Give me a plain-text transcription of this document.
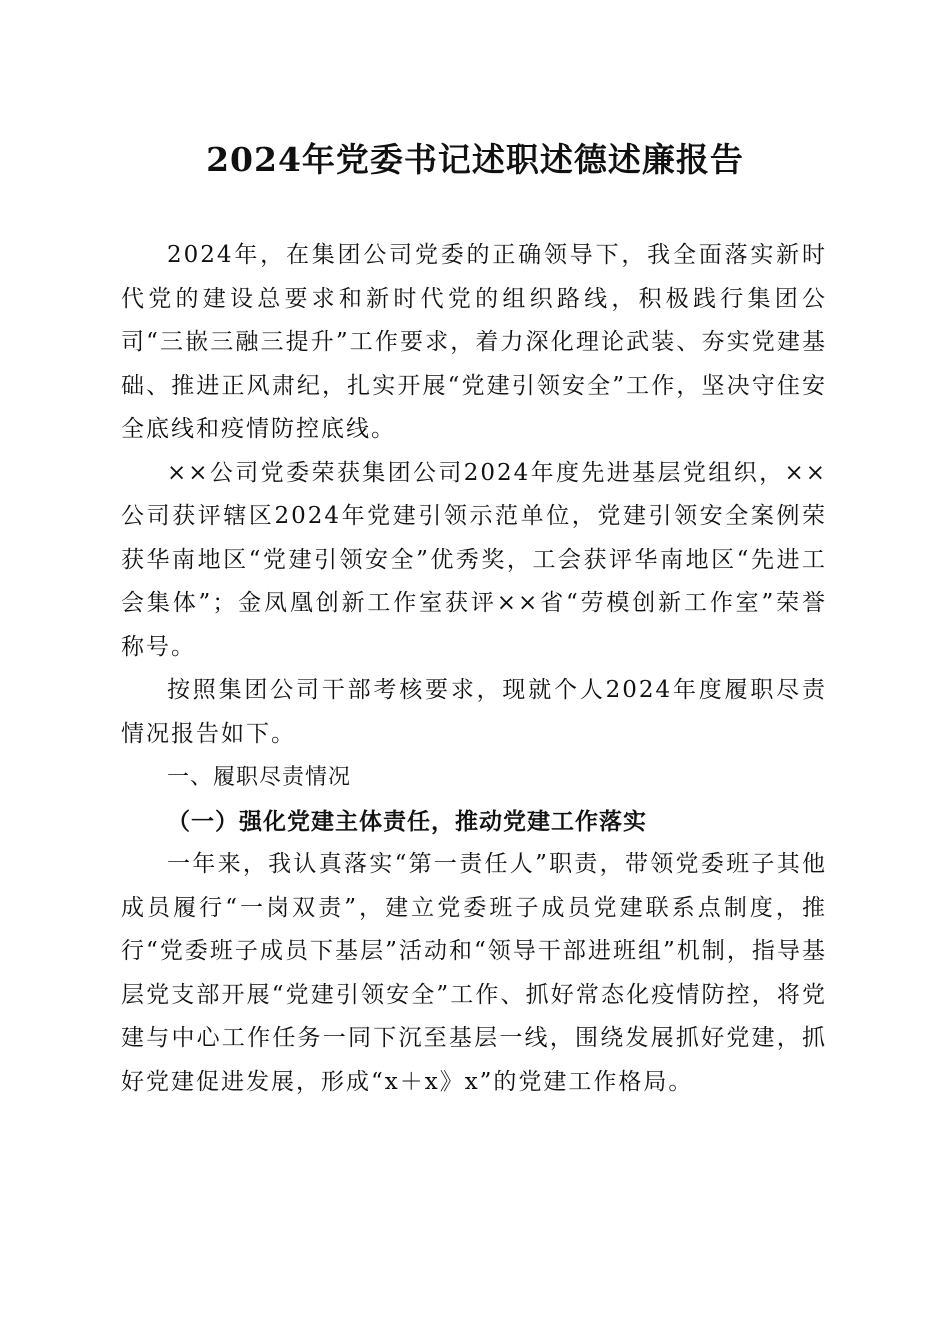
2024年党委书记述职述德述廉报告

2024年，在集团公司党委的正确领导下，我全面落实新时代党的建设总要求和新时代党的组织路线，积极践行集团公司“三嵌三融三提升”工作要求，着力深化理论武装、夯实党建基础、推进正风肃纪，扎实开展“党建引领安全”工作，坚决守住安全底线和疫情防控底线。

××公司党委荣获集团公司2024年度先进基层党组织，××公司获评辖区2024年党建引领示范单位，党建引领安全案例荣获华南地区“党建引领安全”优秀奖，工会获评华南地区“先进工会集体”；金凤凰创新工作室获评××省“劳模创新工作室”荣誉称号。

按照集团公司干部考核要求，现就个人2024年度履职尽责情况报告如下。

一、履职尽责情况

（一）强化党建主体责任，推动党建工作落实

一年来，我认真落实“第一责任人”职责，带领党委班子其他成员履行“一岗双责”，建立党委班子成员党建联系点制度，推行“党委班子成员下基层”活动和“领导干部进班组”机制，指导基层党支部开展“党建引领安全”工作、抓好常态化疫情防控，将党建与中心工作任务一同下沉至基层一线，围绕发展抓好党建，抓好党建促进发展，形成“x＋x》x”的党建工作格局。
